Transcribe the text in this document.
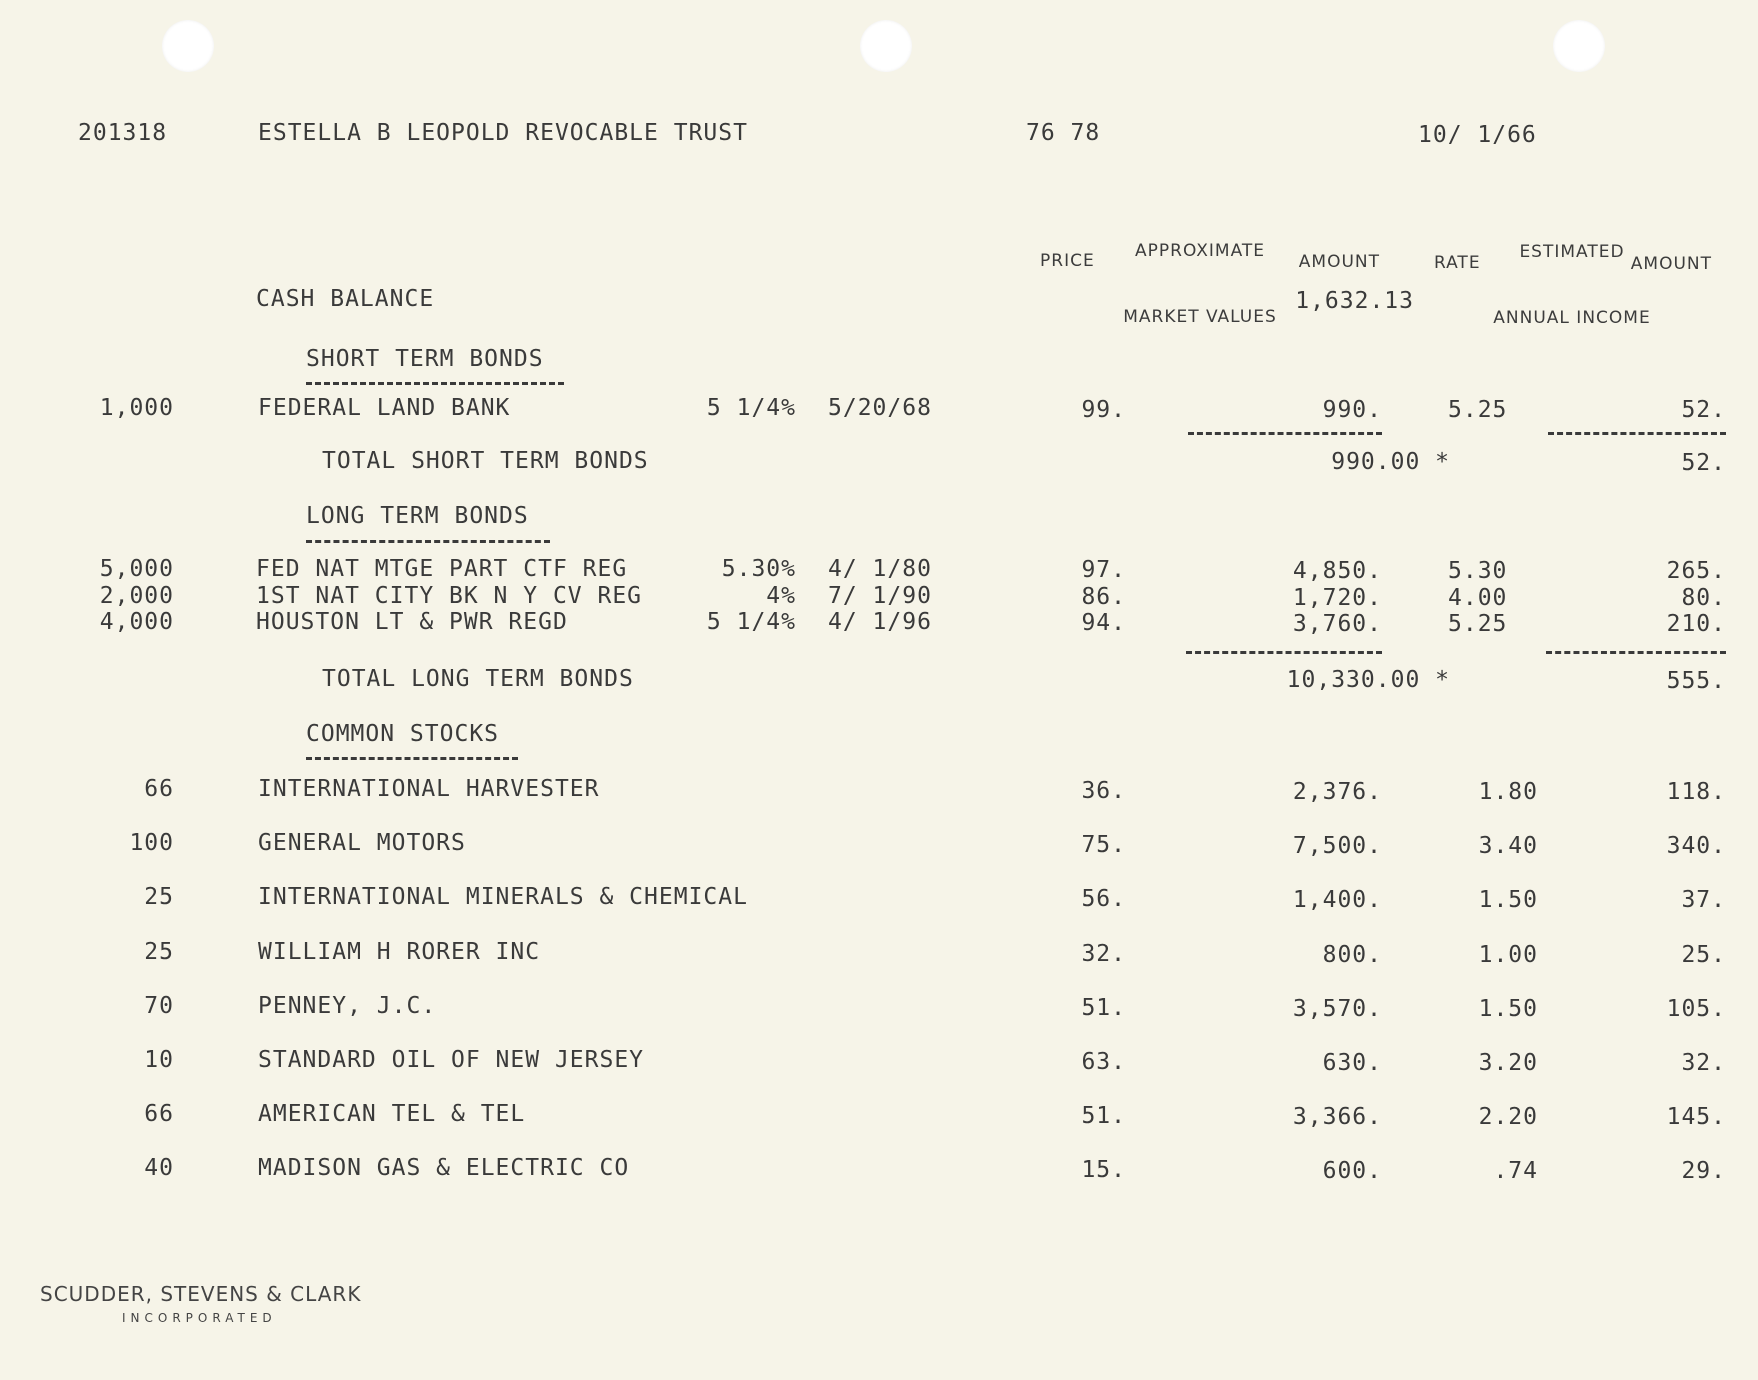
201318	ESTELLA B LEOPOLD REVOCABLE TRUST	76 78	10/ 1/66

APPROXIMATE

MARKET VALUES

ESTIMATED

ANNUAL INCOME

PRICE	AMOUNT	RATE	AMOUNT
CASH BALANCE	1,632.13
SHORT TERM BONDS
1,000	FEDERAL LAND BANK	5 1/4% 5/20/68	99.	990.	5.25	52.
TOTAL SHORT TERM BONDS	990.00 *	52.
LONG TERM BONDS
5,000	FED NAT MTGE PART CTF REG	5.30% 4/ 1/80	97.	4,850.	5.30	265.
2,000	1ST NAT CITY BK N Y CV REG	4% 7/ 1/90	86.	1,720.	4.00	80.
4,000	HOUSTON LT & PWR REGD	5 1/4% 4/ 1/96	94.	3,760.	5.25	210.
TOTAL LONG TERM BONDS	10,330.00 *	555.
COMMON STOCKS
66	INTERNATIONAL HARVESTER	36.	2,376.	1.80	118.
100	GENERAL MOTORS	75.	7,500.	3.40	340.
25	INTERNATIONAL MINERALS & CHEMICAL	56.	1,400.	1.50	37.
25	WILLIAM H RORER INC	32.	800.	1.00	25.
70	PENNEY, J.C.	51.	3,570.	1.50	105.
10	STANDARD OIL OF NEW JERSEY	63.	630.	3.20	32.
66	AMERICAN TEL & TEL	51.	3,366.	2.20	145.
40	MADISON GAS & ELECTRIC CO	15.	600.	.74	29.
SCUDDER, STEVENS & CLARK
INCORPORATED
